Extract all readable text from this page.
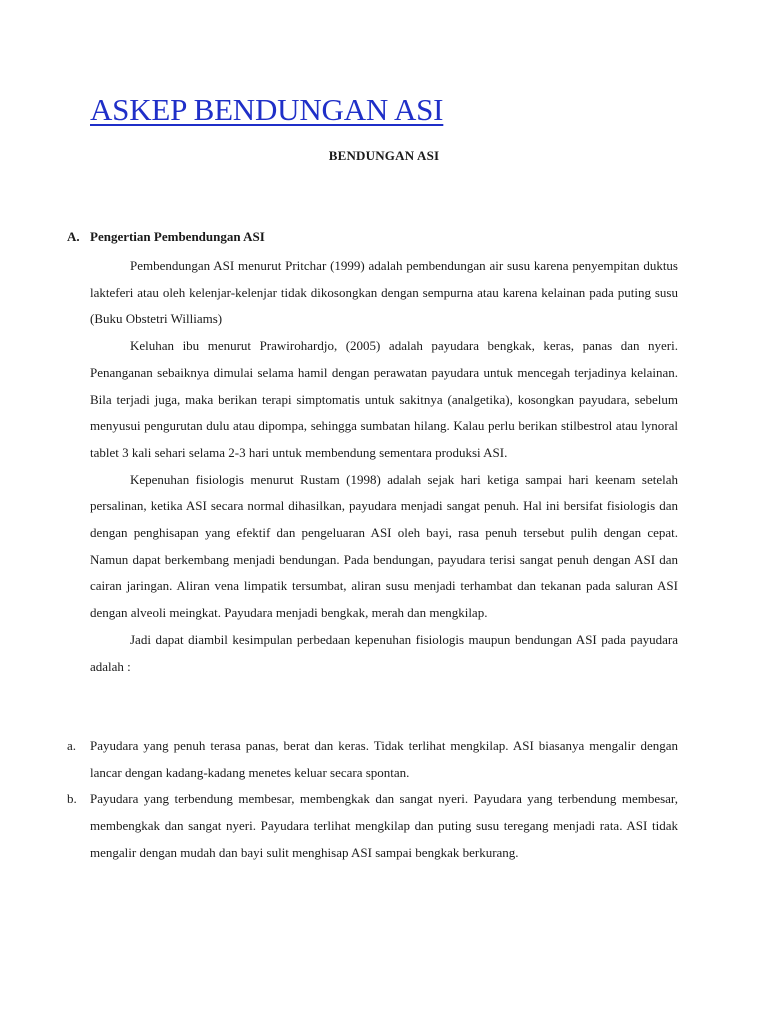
ASKEP BENDUNGAN ASI
BENDUNGAN ASI
A. Pengertian Pembendungan ASI

Pembendungan ASI menurut Pritchar (1999) adalah pembendungan air susu karena penyempitan duktus lakteferi atau oleh kelenjar-kelenjar tidak dikosongkan dengan sempurna atau karena kelainan pada puting susu (Buku Obstetri Williams)

Keluhan ibu menurut Prawirohardjo, (2005) adalah payudara bengkak, keras, panas dan nyeri. Penanganan sebaiknya dimulai selama hamil dengan perawatan payudara untuk mencegah terjadinya kelainan. Bila terjadi juga, maka berikan terapi simptomatis untuk sakitnya (analgetika), kosongkan payudara, sebelum menyusui pengurutan dulu atau dipompa, sehingga sumbatan hilang. Kalau perlu berikan stilbestrol atau lynoral tablet 3 kali sehari selama 2-3 hari untuk membendung sementara produksi ASI.

Kepenuhan fisiologis menurut Rustam (1998) adalah sejak hari ketiga sampai hari keenam setelah persalinan, ketika ASI secara normal dihasilkan, payudara menjadi sangat penuh. Hal ini bersifat fisiologis dan dengan penghisapan yang efektif dan pengeluaran ASI oleh bayi, rasa penuh tersebut pulih dengan cepat. Namun dapat berkembang menjadi bendungan. Pada bendungan, payudara terisi sangat penuh dengan ASI dan cairan jaringan. Aliran vena limpatik tersumbat, aliran susu menjadi terhambat dan tekanan pada saluran ASI dengan alveoli meingkat. Payudara menjadi bengkak, merah dan mengkilap.

Jadi dapat diambil kesimpulan perbedaan kepenuhan fisiologis maupun bendungan ASI pada payudara adalah :

a. Payudara yang penuh terasa panas, berat dan keras. Tidak terlihat mengkilap. ASI biasanya mengalir dengan lancar dengan kadang-kadang menetes keluar secara spontan.
b. Payudara yang terbendung membesar, membengkak dan sangat nyeri. Payudara yang terbendung membesar, membengkak dan sangat nyeri. Payudara terlihat mengkilap dan puting susu teregang menjadi rata. ASI tidak mengalir dengan mudah dan bayi sulit menghisap ASI sampai bengkak berkurang.
